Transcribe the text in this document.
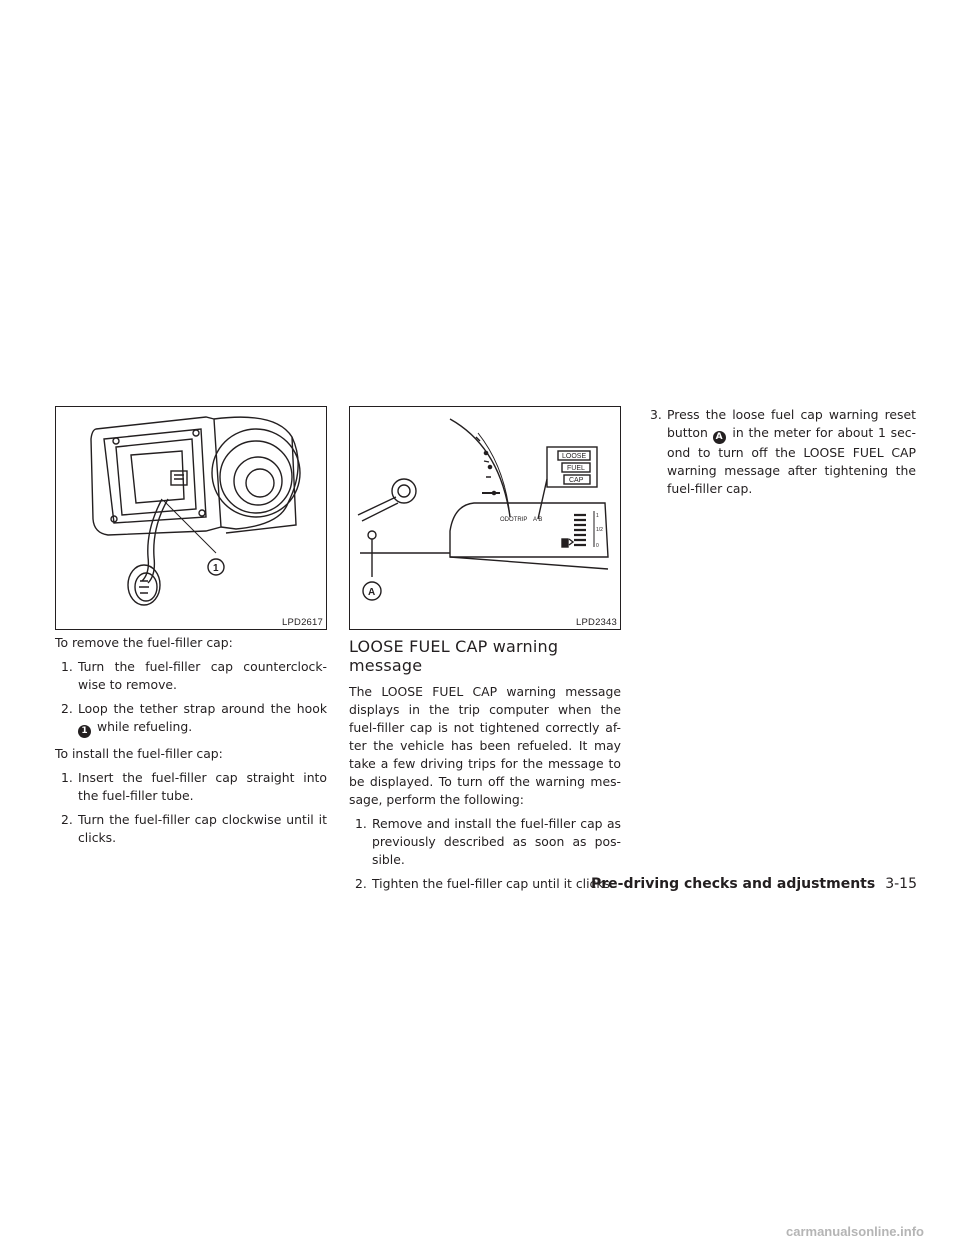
1
LPD2617
LOOSE
FUEL
CAP
ODOTRIP A B
1
1/2
0
A
LPD2343

To remove the fuel-filler cap:

1. Turn the fuel-filler cap counterclock-wise to remove.
2. Loop the tether strap around the hook 1 while refueling.

To install the fuel-filler cap:

1. Insert the fuel-filler cap straight into the fuel-filler tube.
2. Turn the fuel-filler cap clockwise until it clicks.
LOOSE FUEL CAP warning message

The LOOSE FUEL CAP warning message displays in the trip computer when the fuel-filler cap is not tightened correctly af-ter the vehicle has been refueled. It may take a few driving trips for the message to be displayed. To turn off the warning mes-sage, perform the following:

1. Remove and install the fuel-filler cap as previously described as soon as pos-sible.
2. Tighten the fuel-filler cap until it clicks.
3. Press the loose fuel cap warning reset button A in the meter for about 1 sec-ond to turn off the LOOSE FUEL CAP warning message after tightening the fuel-filler cap.
Pre-driving checks and adjustments 3-15
carmanualsonline.info
